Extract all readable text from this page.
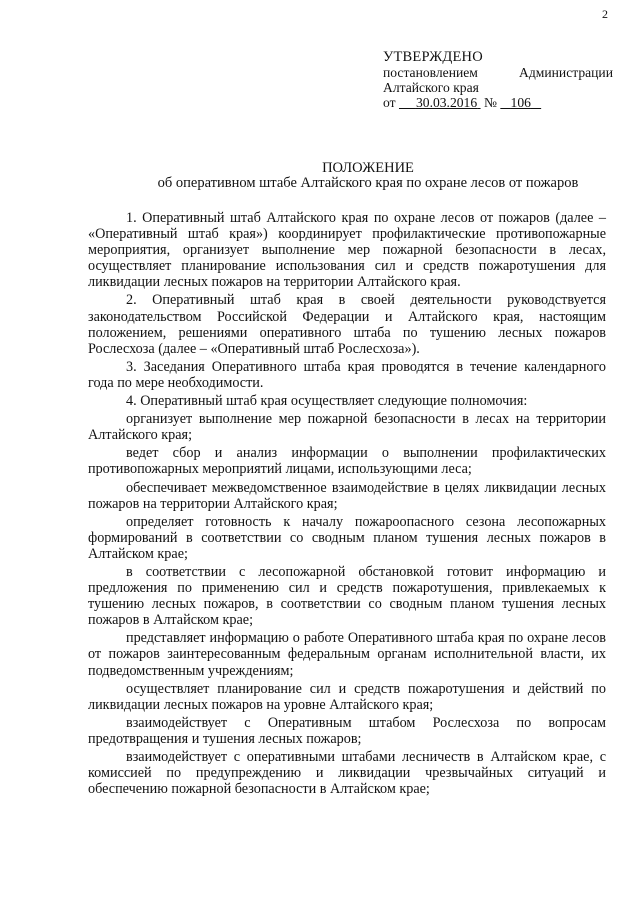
2
УТВЕРЖДЕНО
постановлением Администрации
Алтайского края
от 30.03.2016 № 106
ПОЛОЖЕНИЕ
об оперативном штабе Алтайского края по охране лесов от пожаров

1. Оперативный штаб Алтайского края по охране лесов от пожаров (далее – «Оперативный штаб края») координирует профилактические противопожарные мероприятия, организует выполнение мер пожарной безопасности в лесах, осуществляет планирование использования сил и средств пожаротушения для ликвидации лесных пожаров на территории Алтайского края.

2. Оперативный штаб края в своей деятельности руководствуется законодательством Российской Федерации и Алтайского края, настоящим положением, решениями оперативного штаба по тушению лесных пожаров Рослесхоза (далее – «Оперативный штаб Рослесхоза»).

3. Заседания Оперативного штаба края проводятся в течение календарного года по мере необходимости.

4. Оперативный штаб края осуществляет следующие полномочия:

организует выполнение мер пожарной безопасности в лесах на территории Алтайского края;

ведет сбор и анализ информации о выполнении профилактических противопожарных мероприятий лицами, использующими леса;

обеспечивает межведомственное взаимодействие в целях ликвидации лесных пожаров на территории Алтайского края;

определяет готовность к началу пожароопасного сезона лесопожарных формирований в соответствии со сводным планом тушения лесных пожаров в Алтайском крае;

в соответствии с лесопожарной обстановкой готовит информацию и предложения по применению сил и средств пожаротушения, привлекаемых к тушению лесных пожаров, в соответствии со сводным планом тушения лесных пожаров в Алтайском крае;

представляет информацию о работе Оперативного штаба края по охране лесов от пожаров заинтересованным федеральным органам исполнительной власти, их подведомственным учреждениям;

осуществляет планирование сил и средств пожаротушения и действий по ликвидации лесных пожаров на уровне Алтайского края;

взаимодействует с Оперативным штабом Рослесхоза по вопросам предотвращения и тушения лесных пожаров;

взаимодействует с оперативными штабами лесничеств в Алтайском крае, с комиссией по предупреждению и ликвидации чрезвычайных ситуаций и обеспечению пожарной безопасности в Алтайском крае;
